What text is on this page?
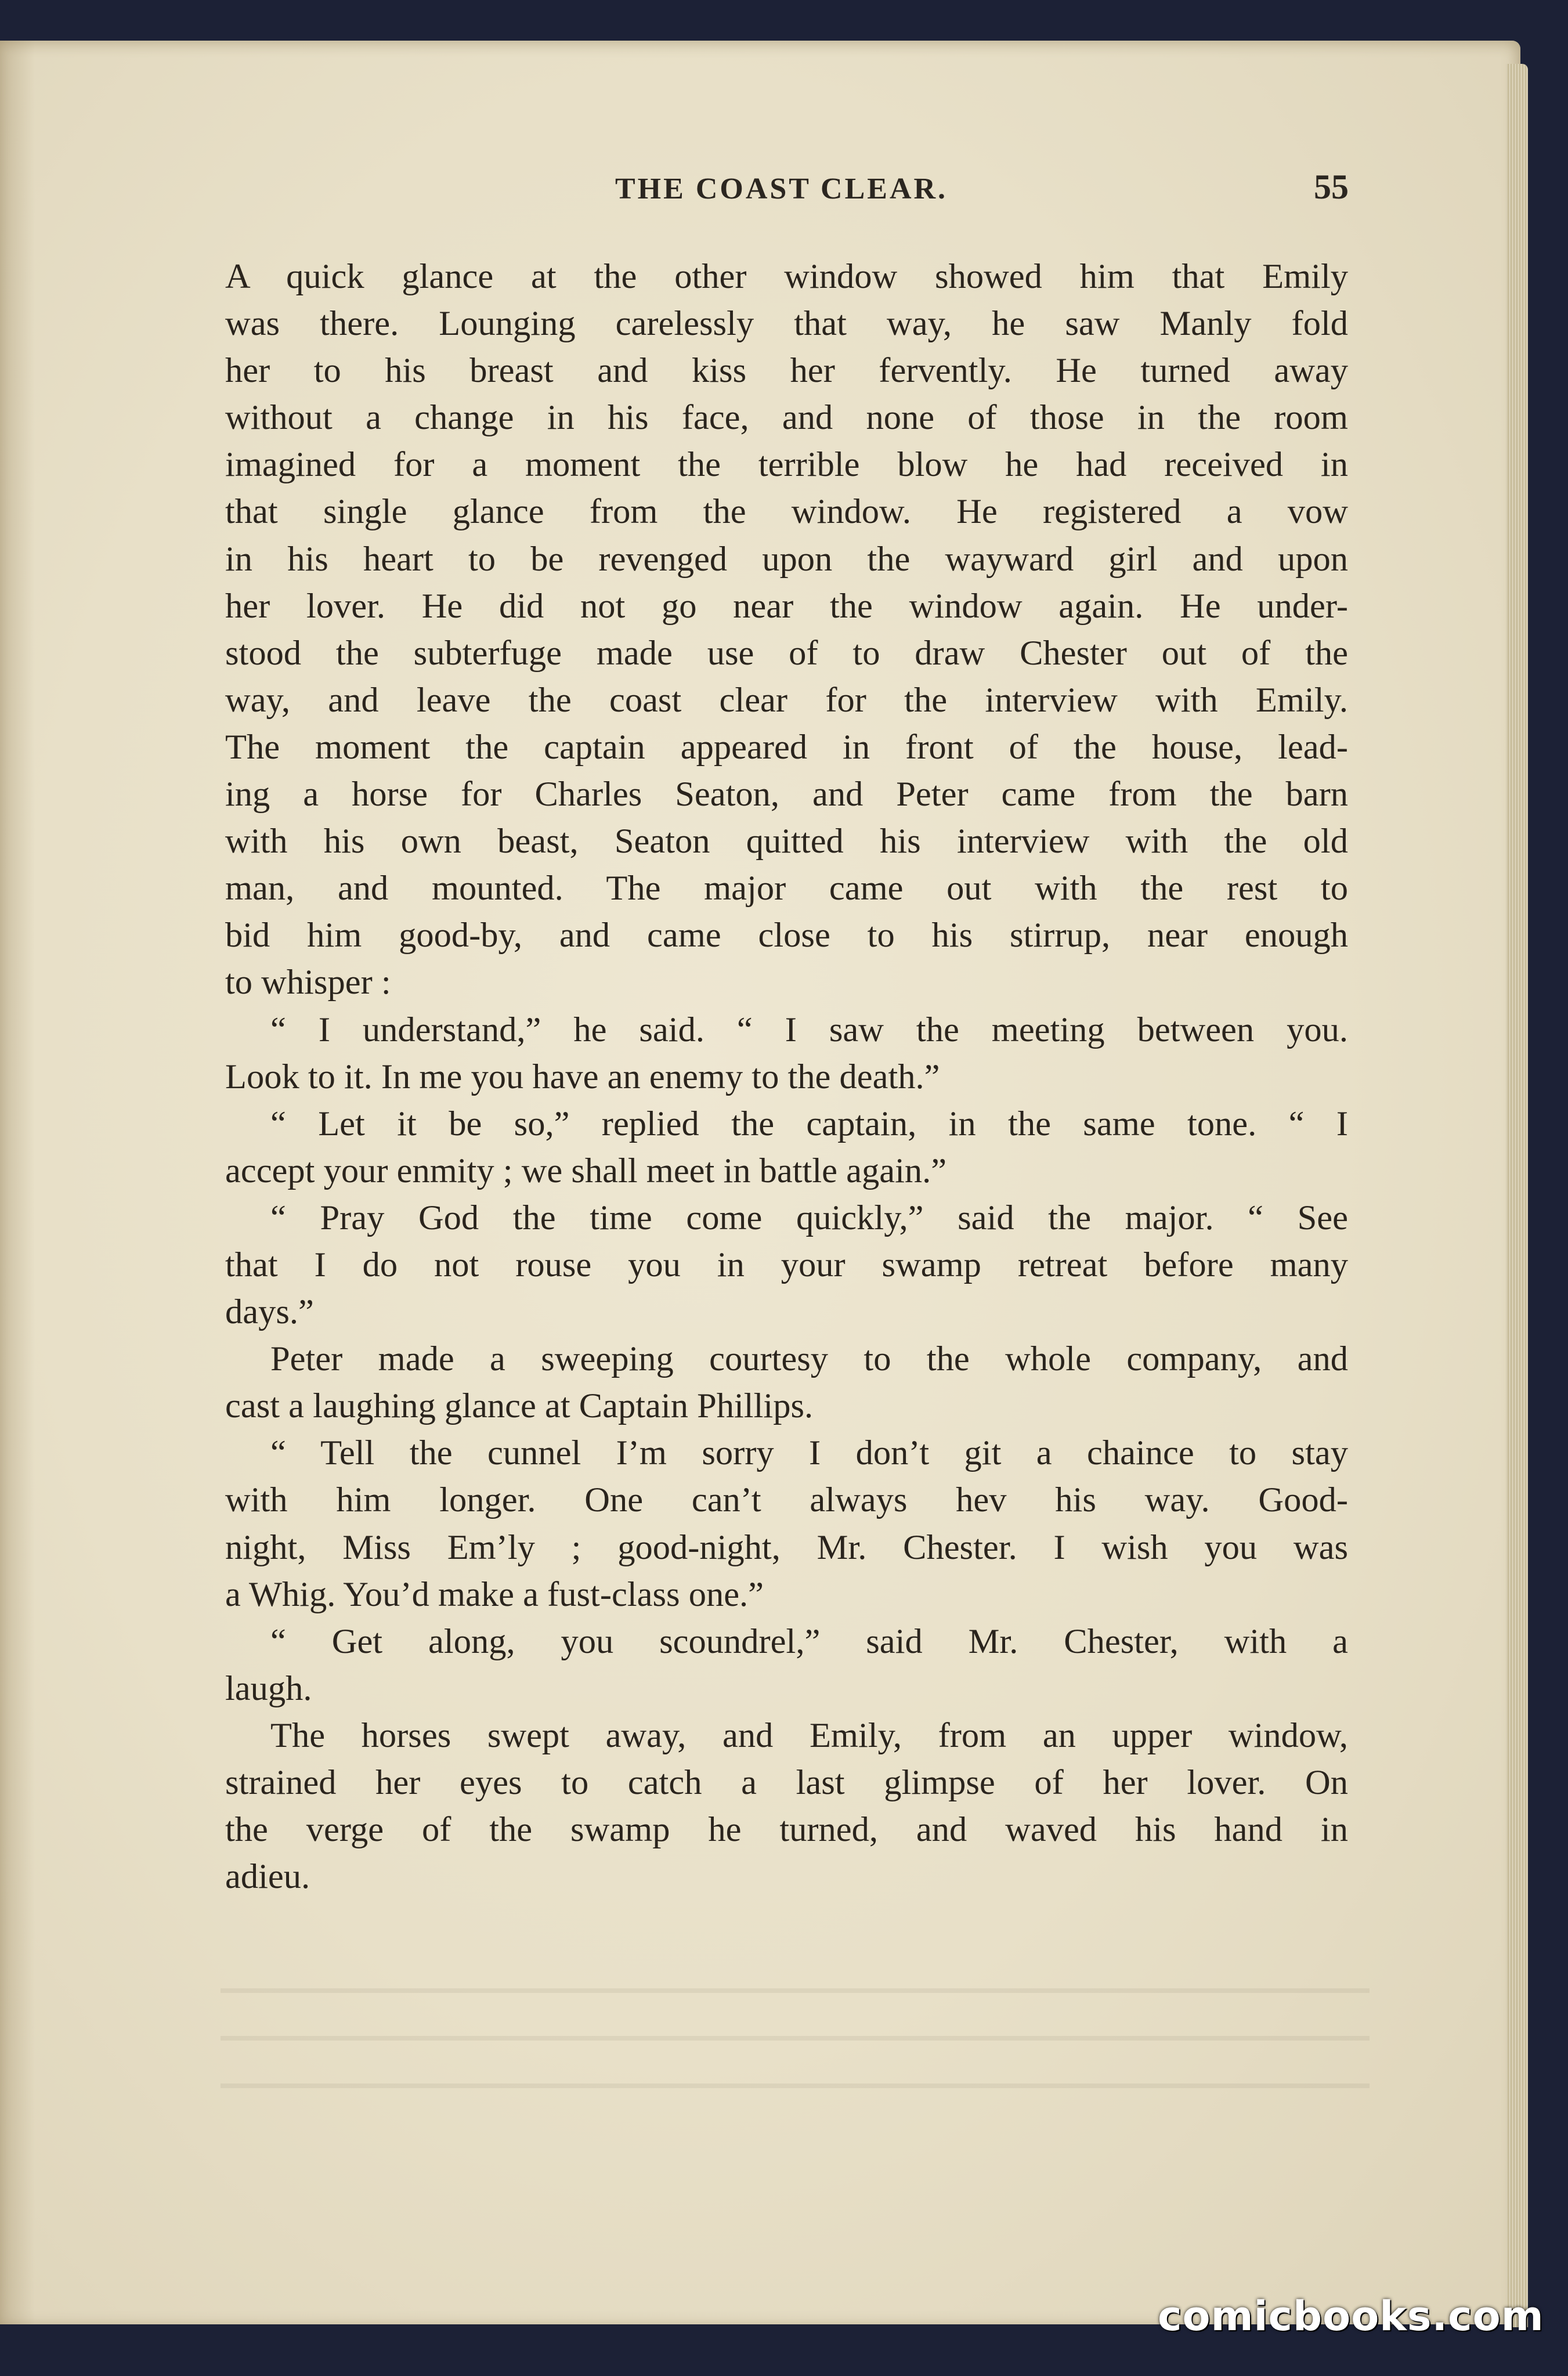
THE COAST CLEAR.	55
A quick glance at the other window showed him that Emily
was there. Lounging carelessly that way, he saw Manly fold
her to his breast and kiss her fervently. He turned away
without a change in his face, and none of those in the room
imagined for a moment the terrible blow he had received in
that single glance from the window. He registered a vow
in his heart to be revenged upon the wayward girl and upon
her lover. He did not go near the window again. He under-
stood the subterfuge made use of to draw Chester out of the
way, and leave the coast clear for the interview with Emily.
The moment the captain appeared in front of the house, lead-
ing a horse for Charles Seaton, and Peter came from the barn
with his own beast, Seaton quitted his interview with the old
man, and mounted. The major came out with the rest to
bid him good-by, and came close to his stirrup, near enough
to whisper :
“ I understand,” he said. “ I saw the meeting between you.
Look to it. In me you have an enemy to the death.”
“ Let it be so,” replied the captain, in the same tone. “ I
accept your enmity ; we shall meet in battle again.”
“ Pray God the time come quickly,” said the major. “ See
that I do not rouse you in your swamp retreat before many
days.”
Peter made a sweeping courtesy to the whole company, and
cast a laughing glance at Captain Phillips.
“ Tell the cunnel I’m sorry I don’t git a chaince to stay
with him longer. One can’t always hev his way. Good-
night, Miss Em’ly ; good-night, Mr. Chester. I wish you was
a Whig. You’d make a fust-class one.”
“ Get along, you scoundrel,” said Mr. Chester, with a
laugh.
The horses swept away, and Emily, from an upper window,
strained her eyes to catch a last glimpse of her lover. On
the verge of the swamp he turned, and waved his hand in
adieu.
comicbooks.com
